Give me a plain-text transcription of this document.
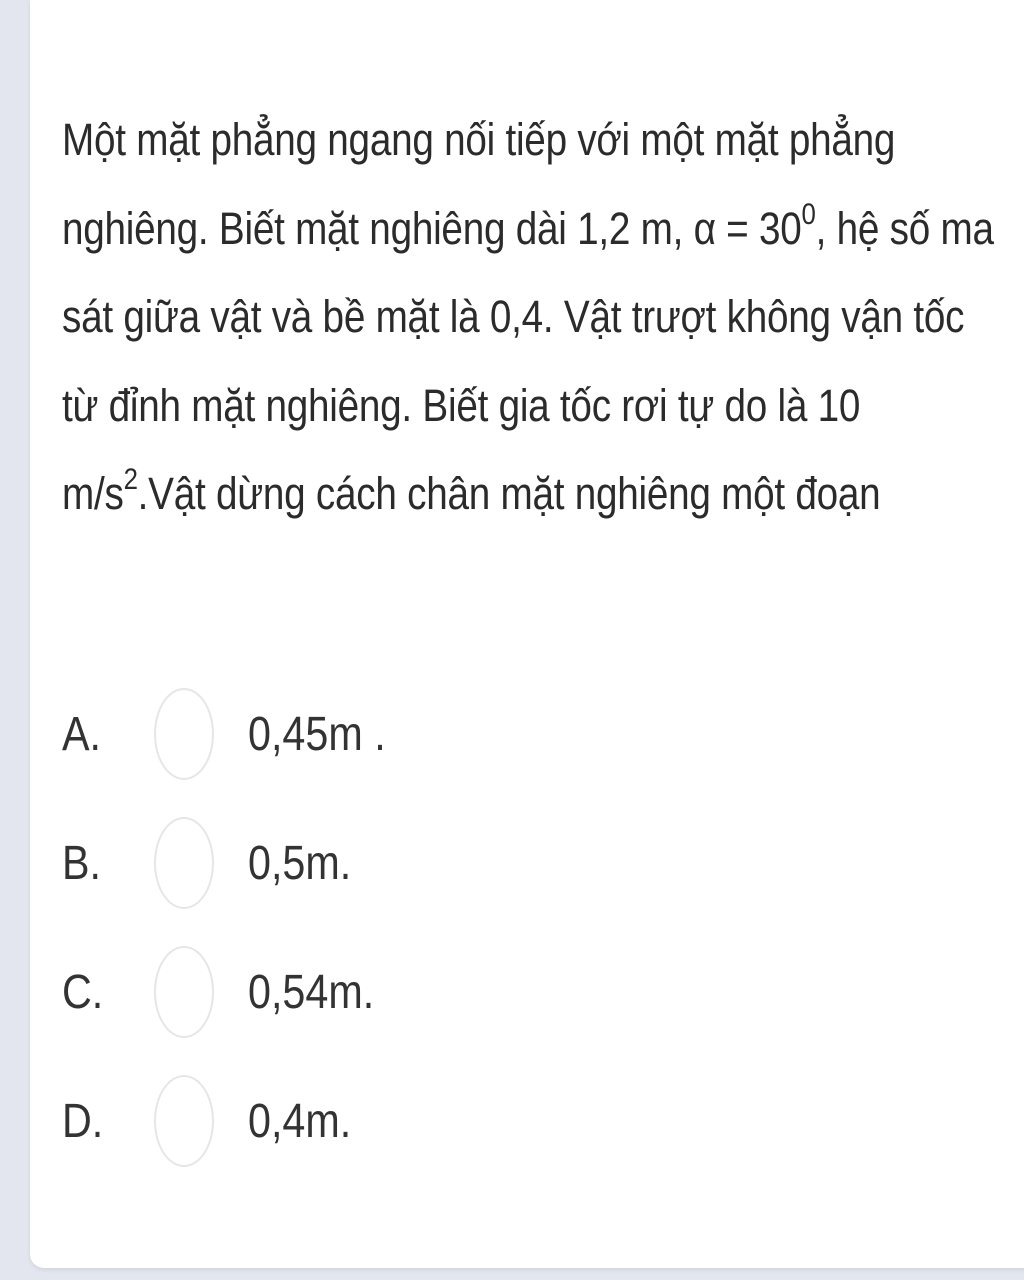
Một mặt phẳng ngang nối tiếp với một mặt phẳng nghiêng. Biết mặt nghiêng dài 1,2 m, $\alpha = 30^0$, hệ số ma sát giữa vật và bề mặt là 0,4. Vật trượt không vận tốc từ đỉnh mặt nghiêng. Biết gia tốc rơi tự do là 10 $m/s^2.Vật$ dừng cách chân mặt nghiêng một đoạn

A.	0,45m .
B.	0,5m.
C.	0,54m.
D.	0,4m.
